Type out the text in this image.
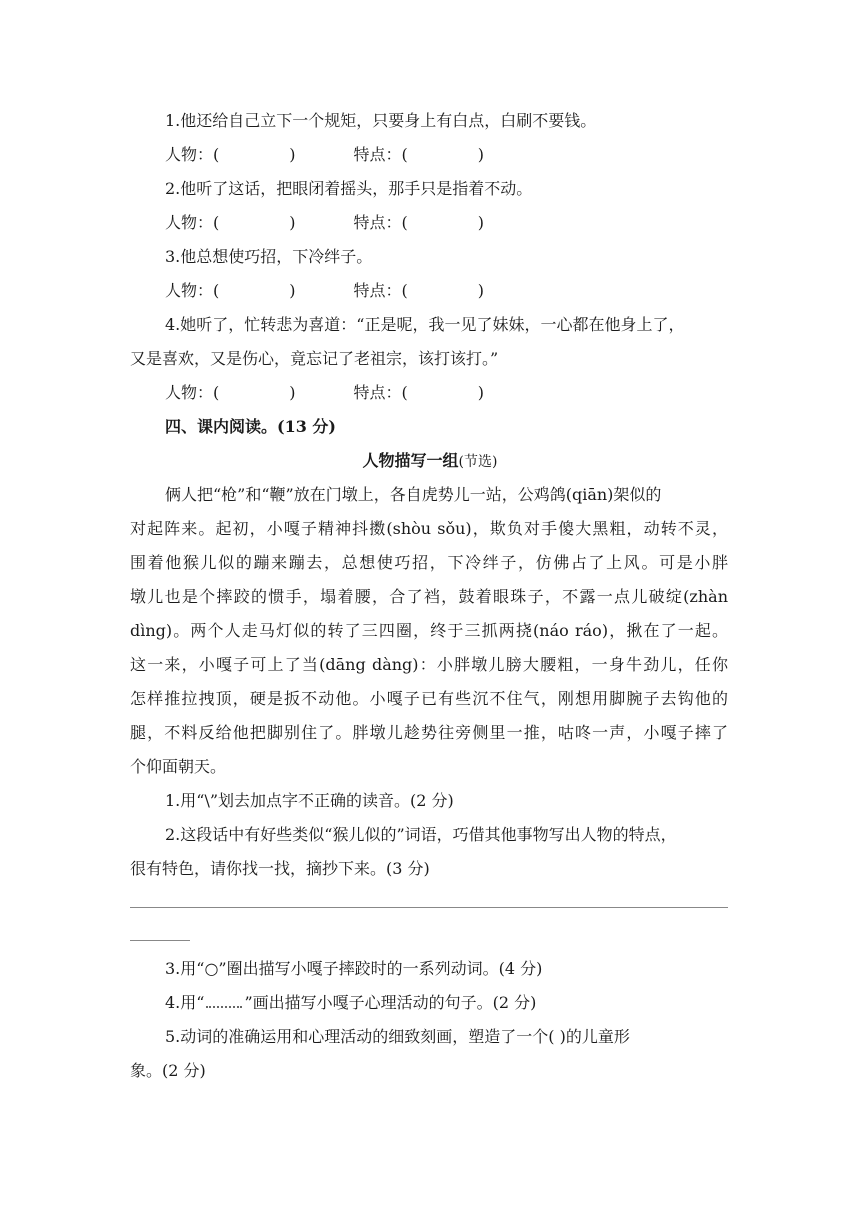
1.他还给自己立下一个规矩，只要身上有白点，白刷不要钱。
人物：(	)	特点：(	)
2.他听了这话，把眼闭着摇头，那手只是指着不动。
人物：(	)	特点：(	)
3.他总想使巧招，下冷绊子。
人物：(	)	特点：(	)
4.她听了，忙转悲为喜道：“正是呢，我一见了妹妹，一心都在他身上了，
又是喜欢，又是伤心，竟忘记了老祖宗，该打该打。”
人物：(	)	特点：(	)
四、课内阅读。(13 分)
人物描写一组(节选)
俩人把“枪”和“鞭”放在门墩上，各自虎势儿一站，公鸡鸽(qiān)架似的
对起阵来。起初，小嘎子精神抖擞(shòu sǒu)，欺负对手傻大黑粗，动转不灵，
围着他猴儿似的蹦来蹦去，总想使巧招，下冷绊子，仿佛占了上风。可是小胖
墩儿也是个摔跤的惯手，塌着腰，合了裆，鼓着眼珠子，不露一点儿破绽(zhàn
dìng)。两个人走马灯似的转了三四圈，终于三抓两挠(náo ráo)，揪在了一起。
这一来，小嘎子可上了当(dāng dàng)：小胖墩儿膀大腰粗，一身牛劲儿，任你
怎样推拉拽顶，硬是扳不动他。小嘎子已有些沉不住气，刚想用脚腕子去钩他的
腿，不料反给他把脚别住了。胖墩儿趁势往旁侧里一推，咕咚一声，小嘎子摔了
个仰面朝天。
1.用“\”划去加点字不正确的读音。(2 分)
2.这段话中有好些类似“猴儿似的”词语，巧借其他事物写出人物的特点，
很有特色，请你找一找，摘抄下来。(3 分)
3.用“○”圈出描写小嘎子摔跤时的一系列动词。(4 分)
4.用“	”画出描写小嘎子心理活动的句子。(2 分)
5.动词的准确运用和心理活动的细致刻画，塑造了一个( )的儿童形
象。(2 分)
